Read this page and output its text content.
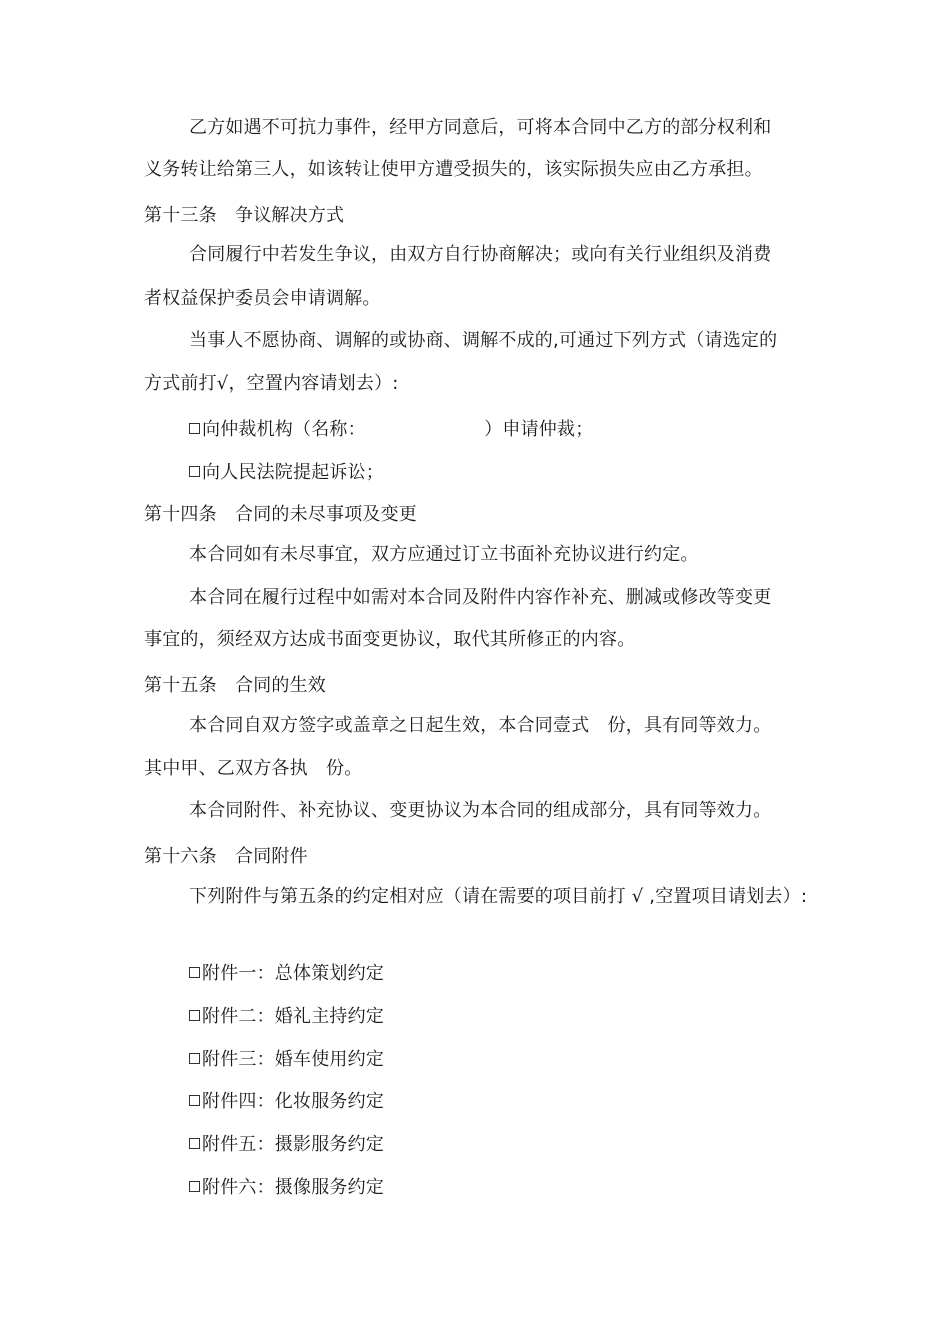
乙方如遇不可抗力事件，经甲方同意后，可将本合同中乙方的部分权利和
义务转让给第三人，如该转让使甲方遭受损失的，该实际损失应由乙方承担。
第十三条　争议解决方式
合同履行中若发生争议，由双方自行协商解决；或向有关行业组织及消费
者权益保护委员会申请调解。
当事人不愿协商、调解的或协商、调解不成的,可通过下列方式（请选定的
方式前打√，空置内容请划去）:
向仲裁机构（名称：　　　　　　　）申请仲裁；
向人民法院提起诉讼；
第十四条　合同的未尽事项及变更
本合同如有未尽事宜，双方应通过订立书面补充协议进行约定。
本合同在履行过程中如需对本合同及附件内容作补充、删减或修改等变更
事宜的，须经双方达成书面变更协议，取代其所修正的内容。
第十五条　合同的生效
本合同自双方签字或盖章之日起生效，本合同壹式　份，具有同等效力。
其中甲、乙双方各执　份。
本合同附件、补充协议、变更协议为本合同的组成部分，具有同等效力。
第十六条　合同附件
下列附件与第五条的约定相对应（请在需要的项目前打 √ ,空置项目请划去）:
附件一：总体策划约定
附件二：婚礼主持约定
附件三：婚车使用约定
附件四：化妆服务约定
附件五：摄影服务约定
附件六：摄像服务约定
